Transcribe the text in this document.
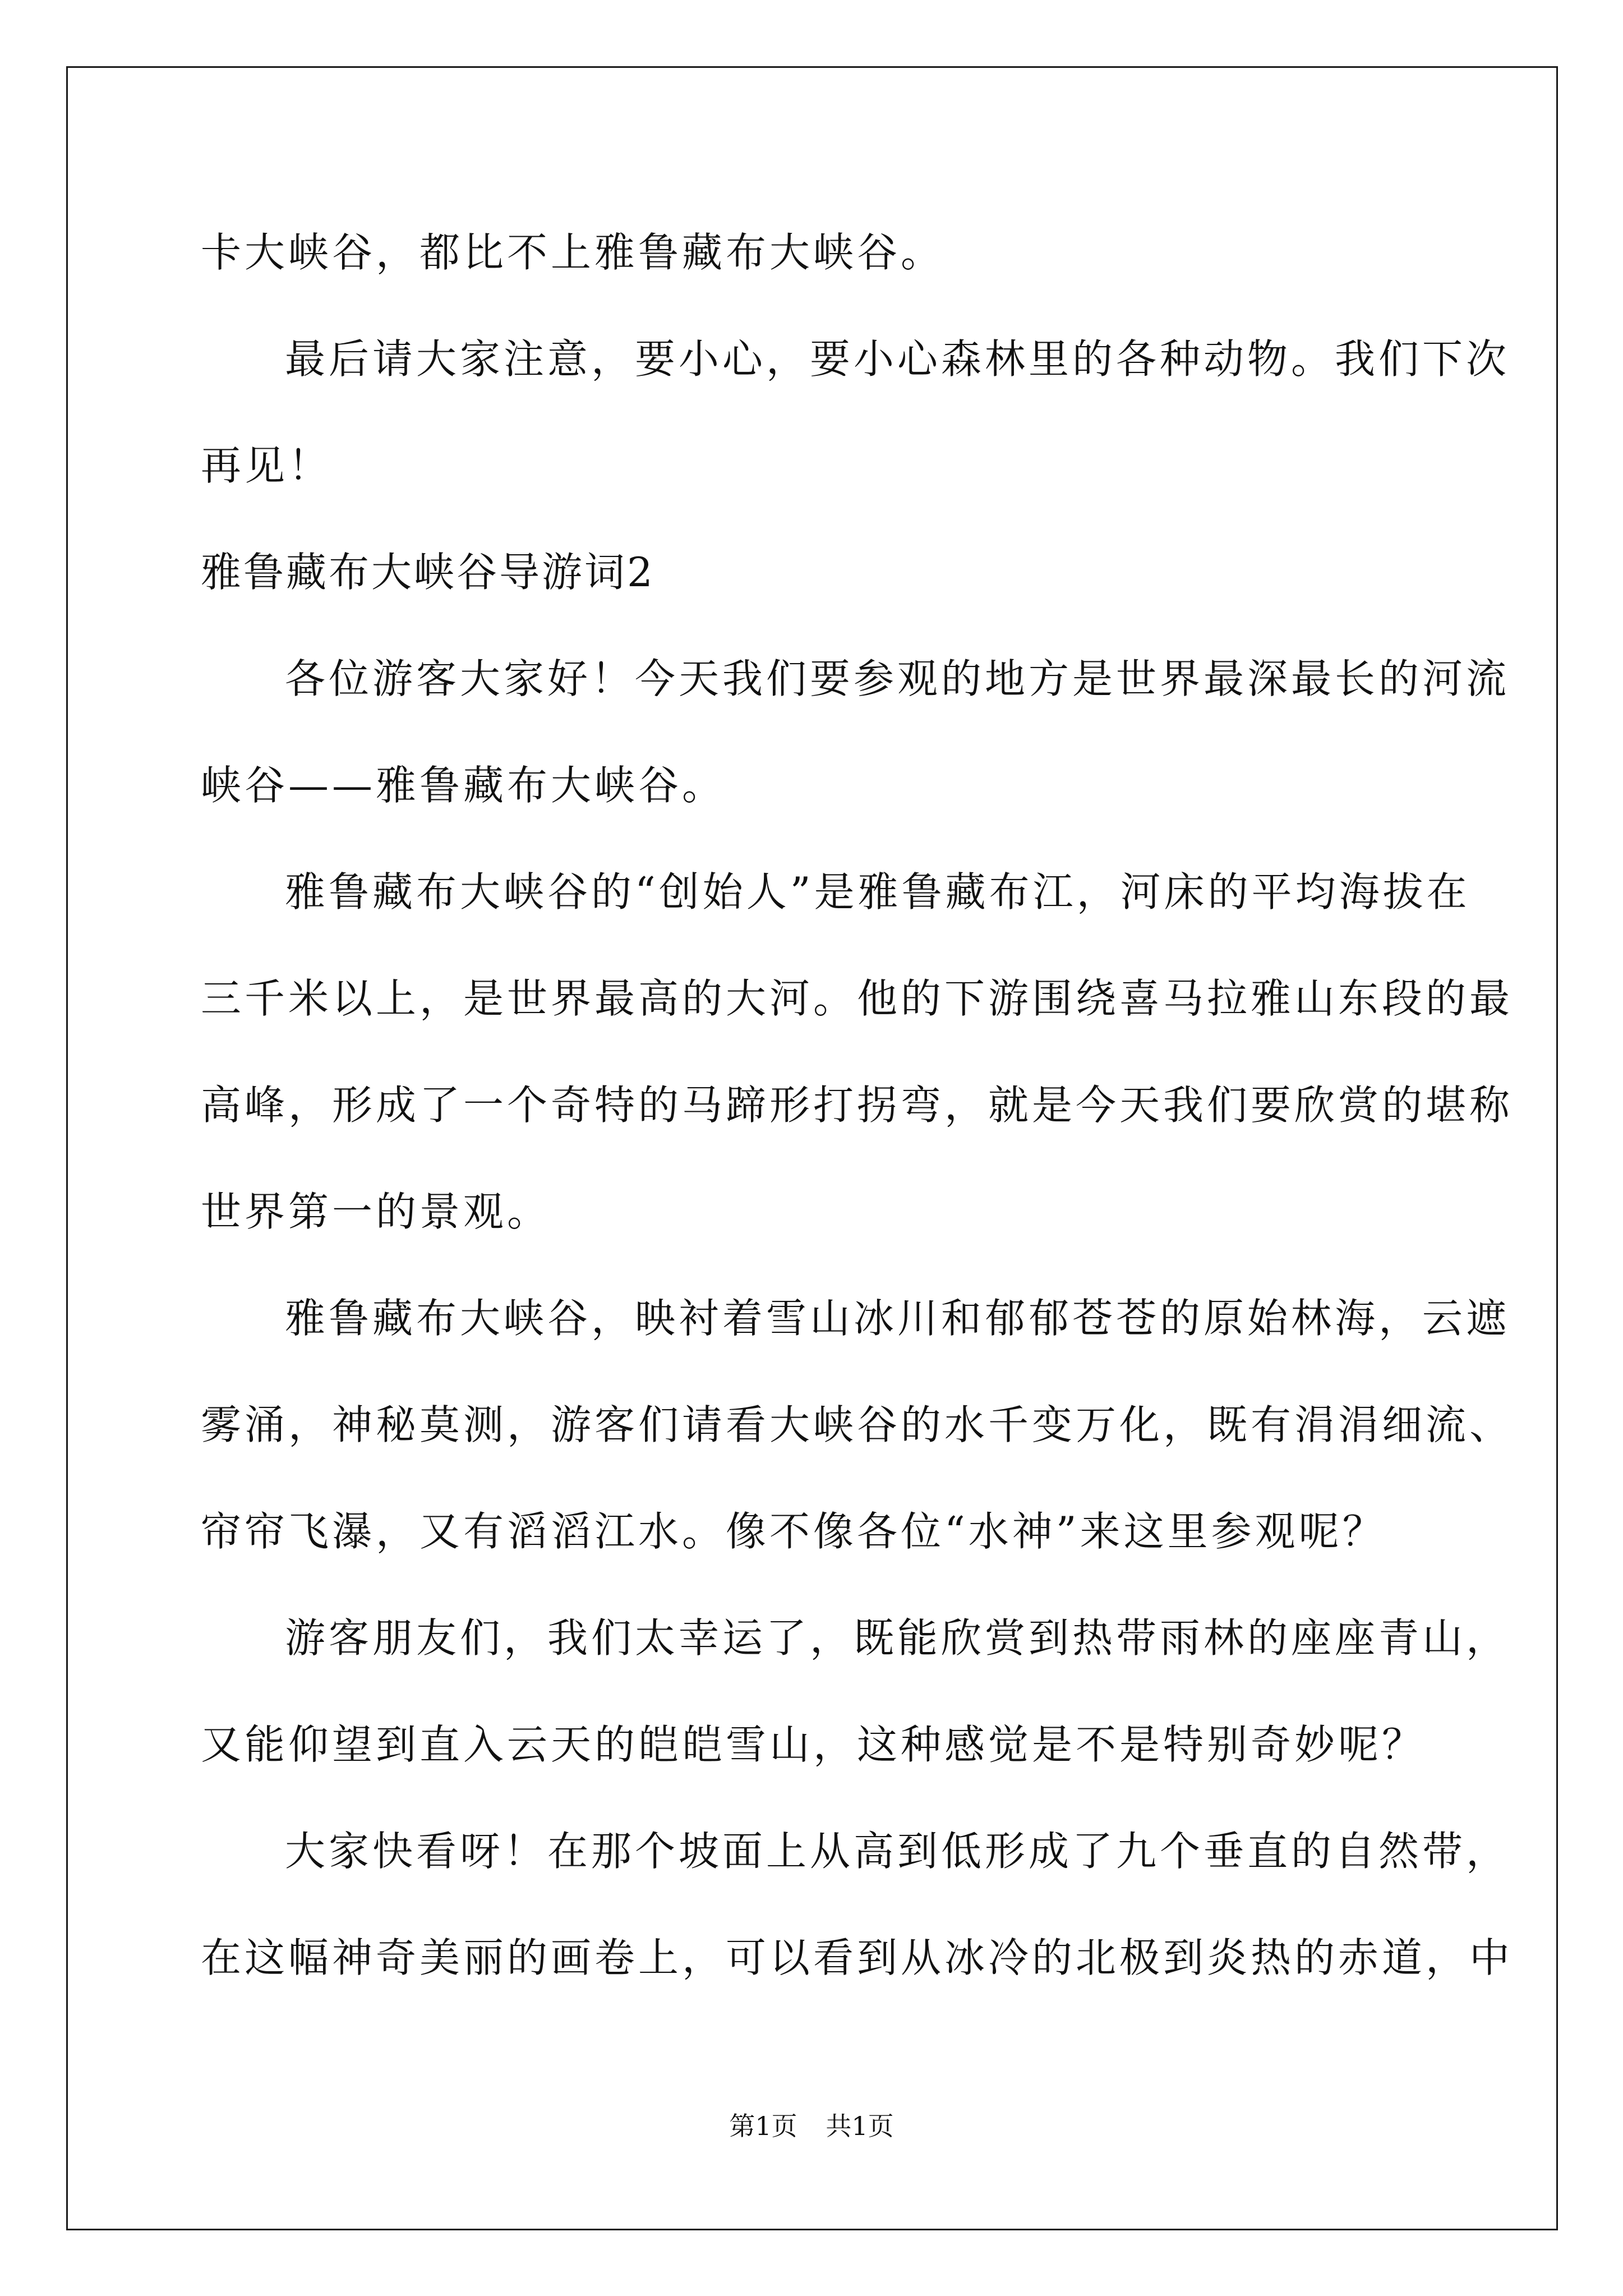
卡大峡谷，都比不上雅鲁藏布大峡谷。
最后请大家注意，要小心，要小心森林里的各种动物。我们下次
再见！
雅鲁藏布大峡谷导游词2
各位游客大家好！今天我们要参观的地方是世界最深最长的河流
峡谷——雅鲁藏布大峡谷。
雅鲁藏布大峡谷的“创始人”是雅鲁藏布江，河床的平均海拔在
三千米以上，是世界最高的大河。他的下游围绕喜马拉雅山东段的最
高峰，形成了一个奇特的马蹄形打拐弯，就是今天我们要欣赏的堪称
世界第一的景观。
雅鲁藏布大峡谷，映衬着雪山冰川和郁郁苍苍的原始林海，云遮
雾涌，神秘莫测，游客们请看大峡谷的水千变万化，既有涓涓细流、
帘帘飞瀑，又有滔滔江水。像不像各位“水神”来这里参观呢？
游客朋友们，我们太幸运了，既能欣赏到热带雨林的座座青山，
又能仰望到直入云天的皑皑雪山，这种感觉是不是特别奇妙呢？
大家快看呀！在那个坡面上从高到低形成了九个垂直的自然带，
在这幅神奇美丽的画卷上，可以看到从冰冷的北极到炎热的赤道，中
第1页 共1页
